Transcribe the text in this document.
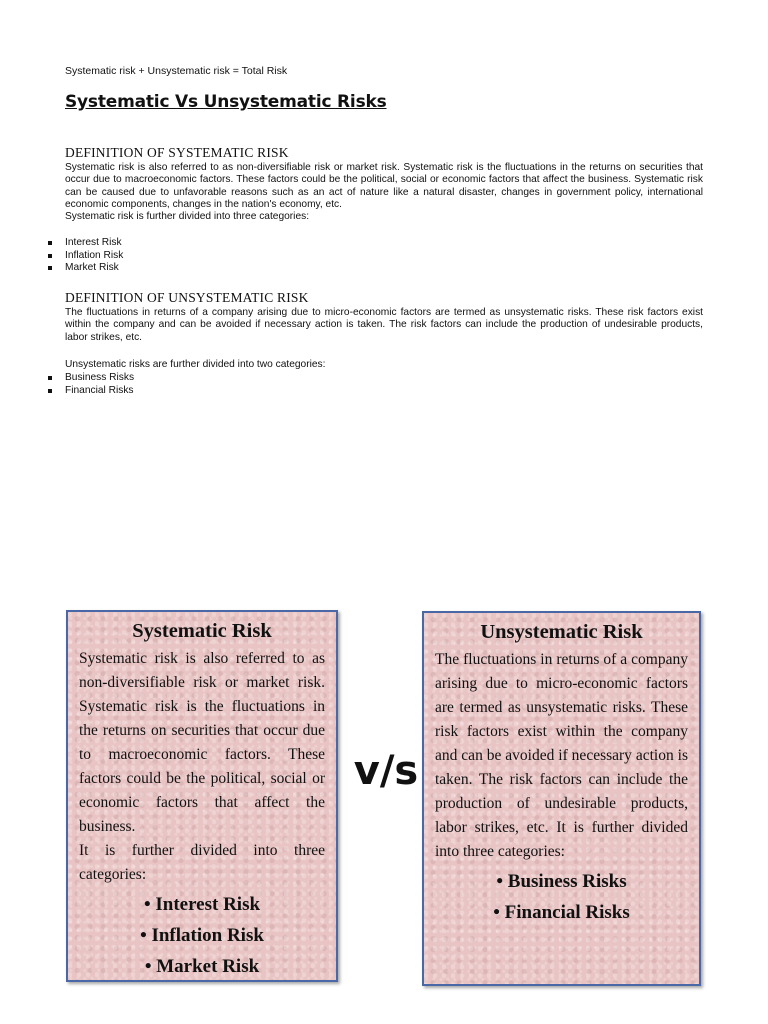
Systematic risk + Unsystematic risk = Total Risk
Systematic Vs Unsystematic Risks
DEFINITION OF SYSTEMATIC RISK

Systematic risk is also referred to as non-diversifiable risk or market risk. Systematic risk is the fluctuations in the returns on securities that occur due to macroeconomic factors. These factors could be the political, social or economic factors that affect the business. Systematic risk can be caused due to unfavorable reasons such as an act of nature like a natural disaster, changes in government policy, international economic components, changes in the nation's economy, etc.

Systematic risk is further divided into three categories:

Interest Risk
Inflation Risk
Market Risk
DEFINITION OF UNSYSTEMATIC RISK

The fluctuations in returns of a company arising due to micro-economic factors are termed as unsystematic risks. These risk factors exist within the company and can be avoided if necessary action is taken. The risk factors can include the production of undesirable products, labor strikes, etc.

Unsystematic risks are further divided into two categories:

Business Risks
Financial Risks
Systematic Risk

Systematic risk is also referred to as non-diversifiable risk or market risk. Systematic risk is the fluctuations in the returns on securities that occur due to macroeconomic factors. These factors could be the political, social or economic factors that affect the business.

It is further divided into three categories:

• Interest Risk
• Inflation Risk
• Market Risk
v/s
Unsystematic Risk

The fluctuations in returns of a company arising due to micro-economic factors are termed as unsystematic risks. These risk factors exist within the company and can be avoided if necessary action is taken. The risk factors can include the production of undesirable products, labor strikes, etc. It is further divided into three categories:

• Business Risks
• Financial Risks
